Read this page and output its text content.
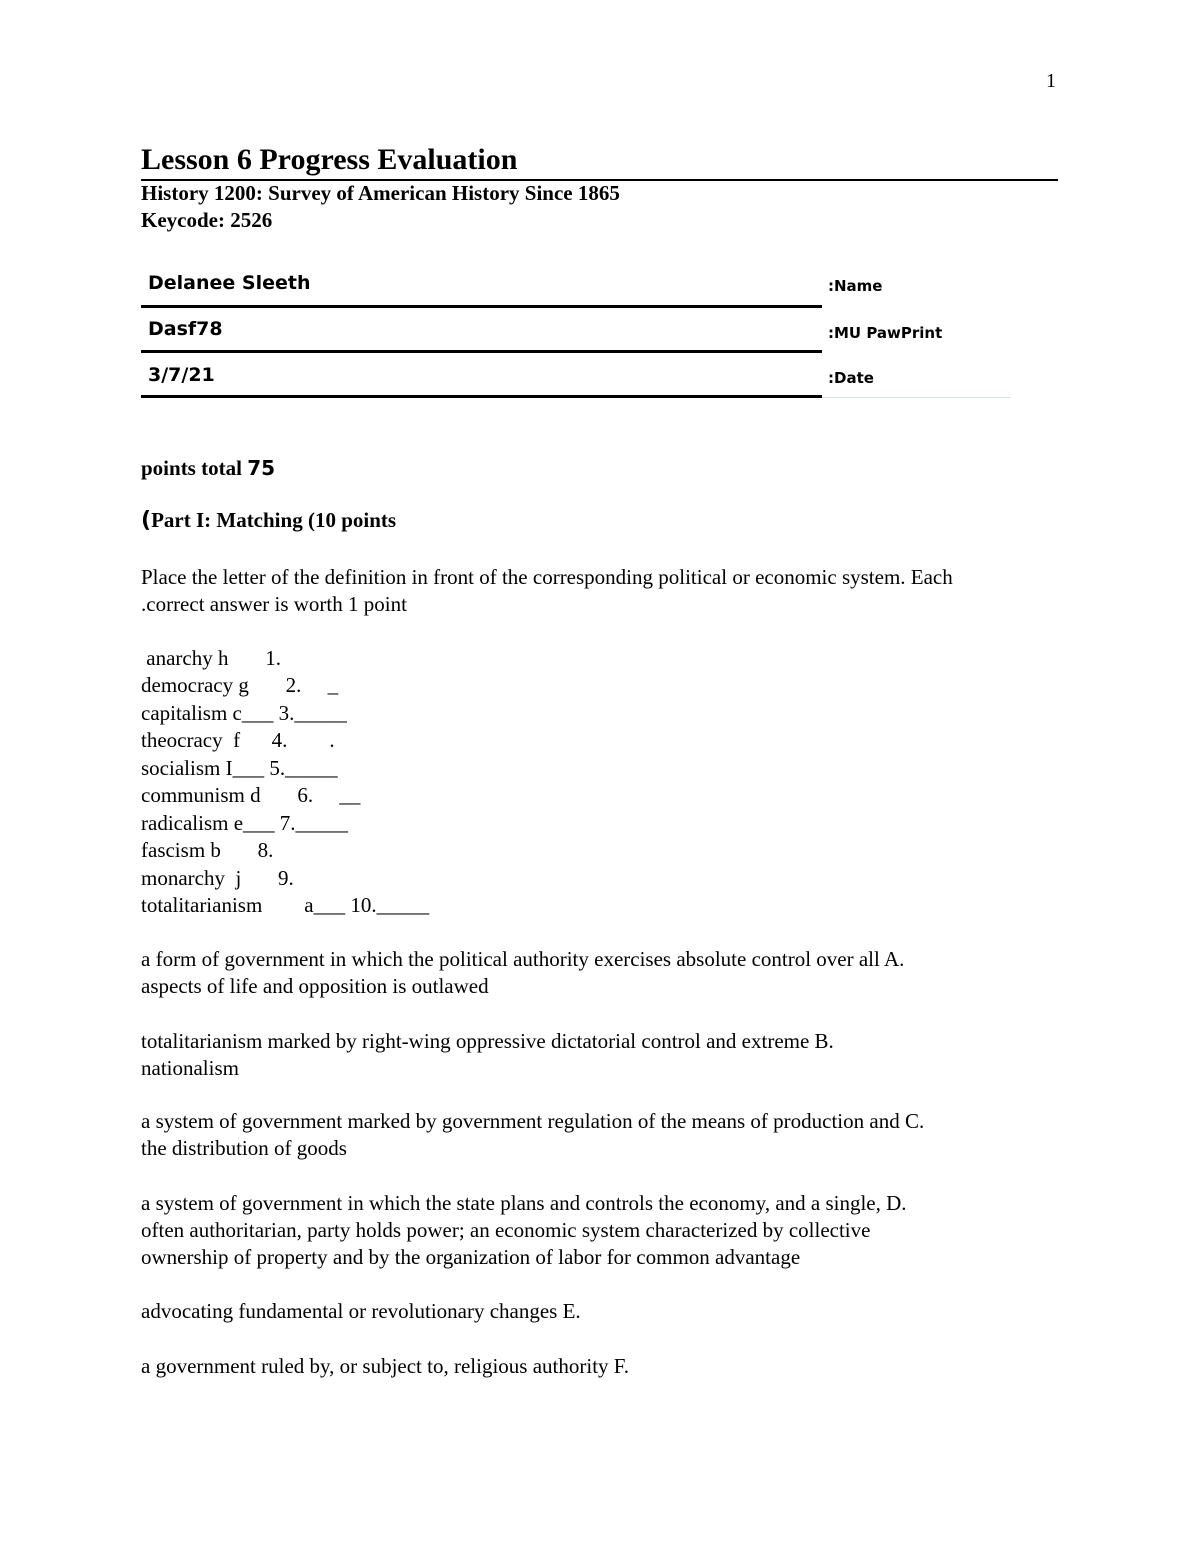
1
Lesson 6 Progress Evaluation
History 1200: Survey of American History Since 1865
Keycode: 2526
Delanee Sleeth	:Name
Dasf78	:MU PawPrint
3/7/21	:Date
points total 75
(Part I: Matching (10 points
Place the letter of the definition in front of the corresponding political or economic system. Each
.correct answer is worth 1 point
anarchy h       1.
democracy g       2.     _
capitalism c___ 3._____
theocracy  f      4.        .
socialism I___ 5._____
communism d       6.     __
radicalism e___ 7._____
fascism b       8.
monarchy  j       9.
totalitarianism        a___ 10._____
a form of government in which the political authority exercises absolute control over all A.
aspects of life and opposition is outlawed
totalitarianism marked by right-wing oppressive dictatorial control and extreme B.
nationalism
a system of government marked by government regulation of the means of production and C.
the distribution of goods
a system of government in which the state plans and controls the economy, and a single, D.
often authoritarian, party holds power; an economic system characterized by collective
ownership of property and by the organization of labor for common advantage
advocating fundamental or revolutionary changes E.
a government ruled by, or subject to, religious authority F.
